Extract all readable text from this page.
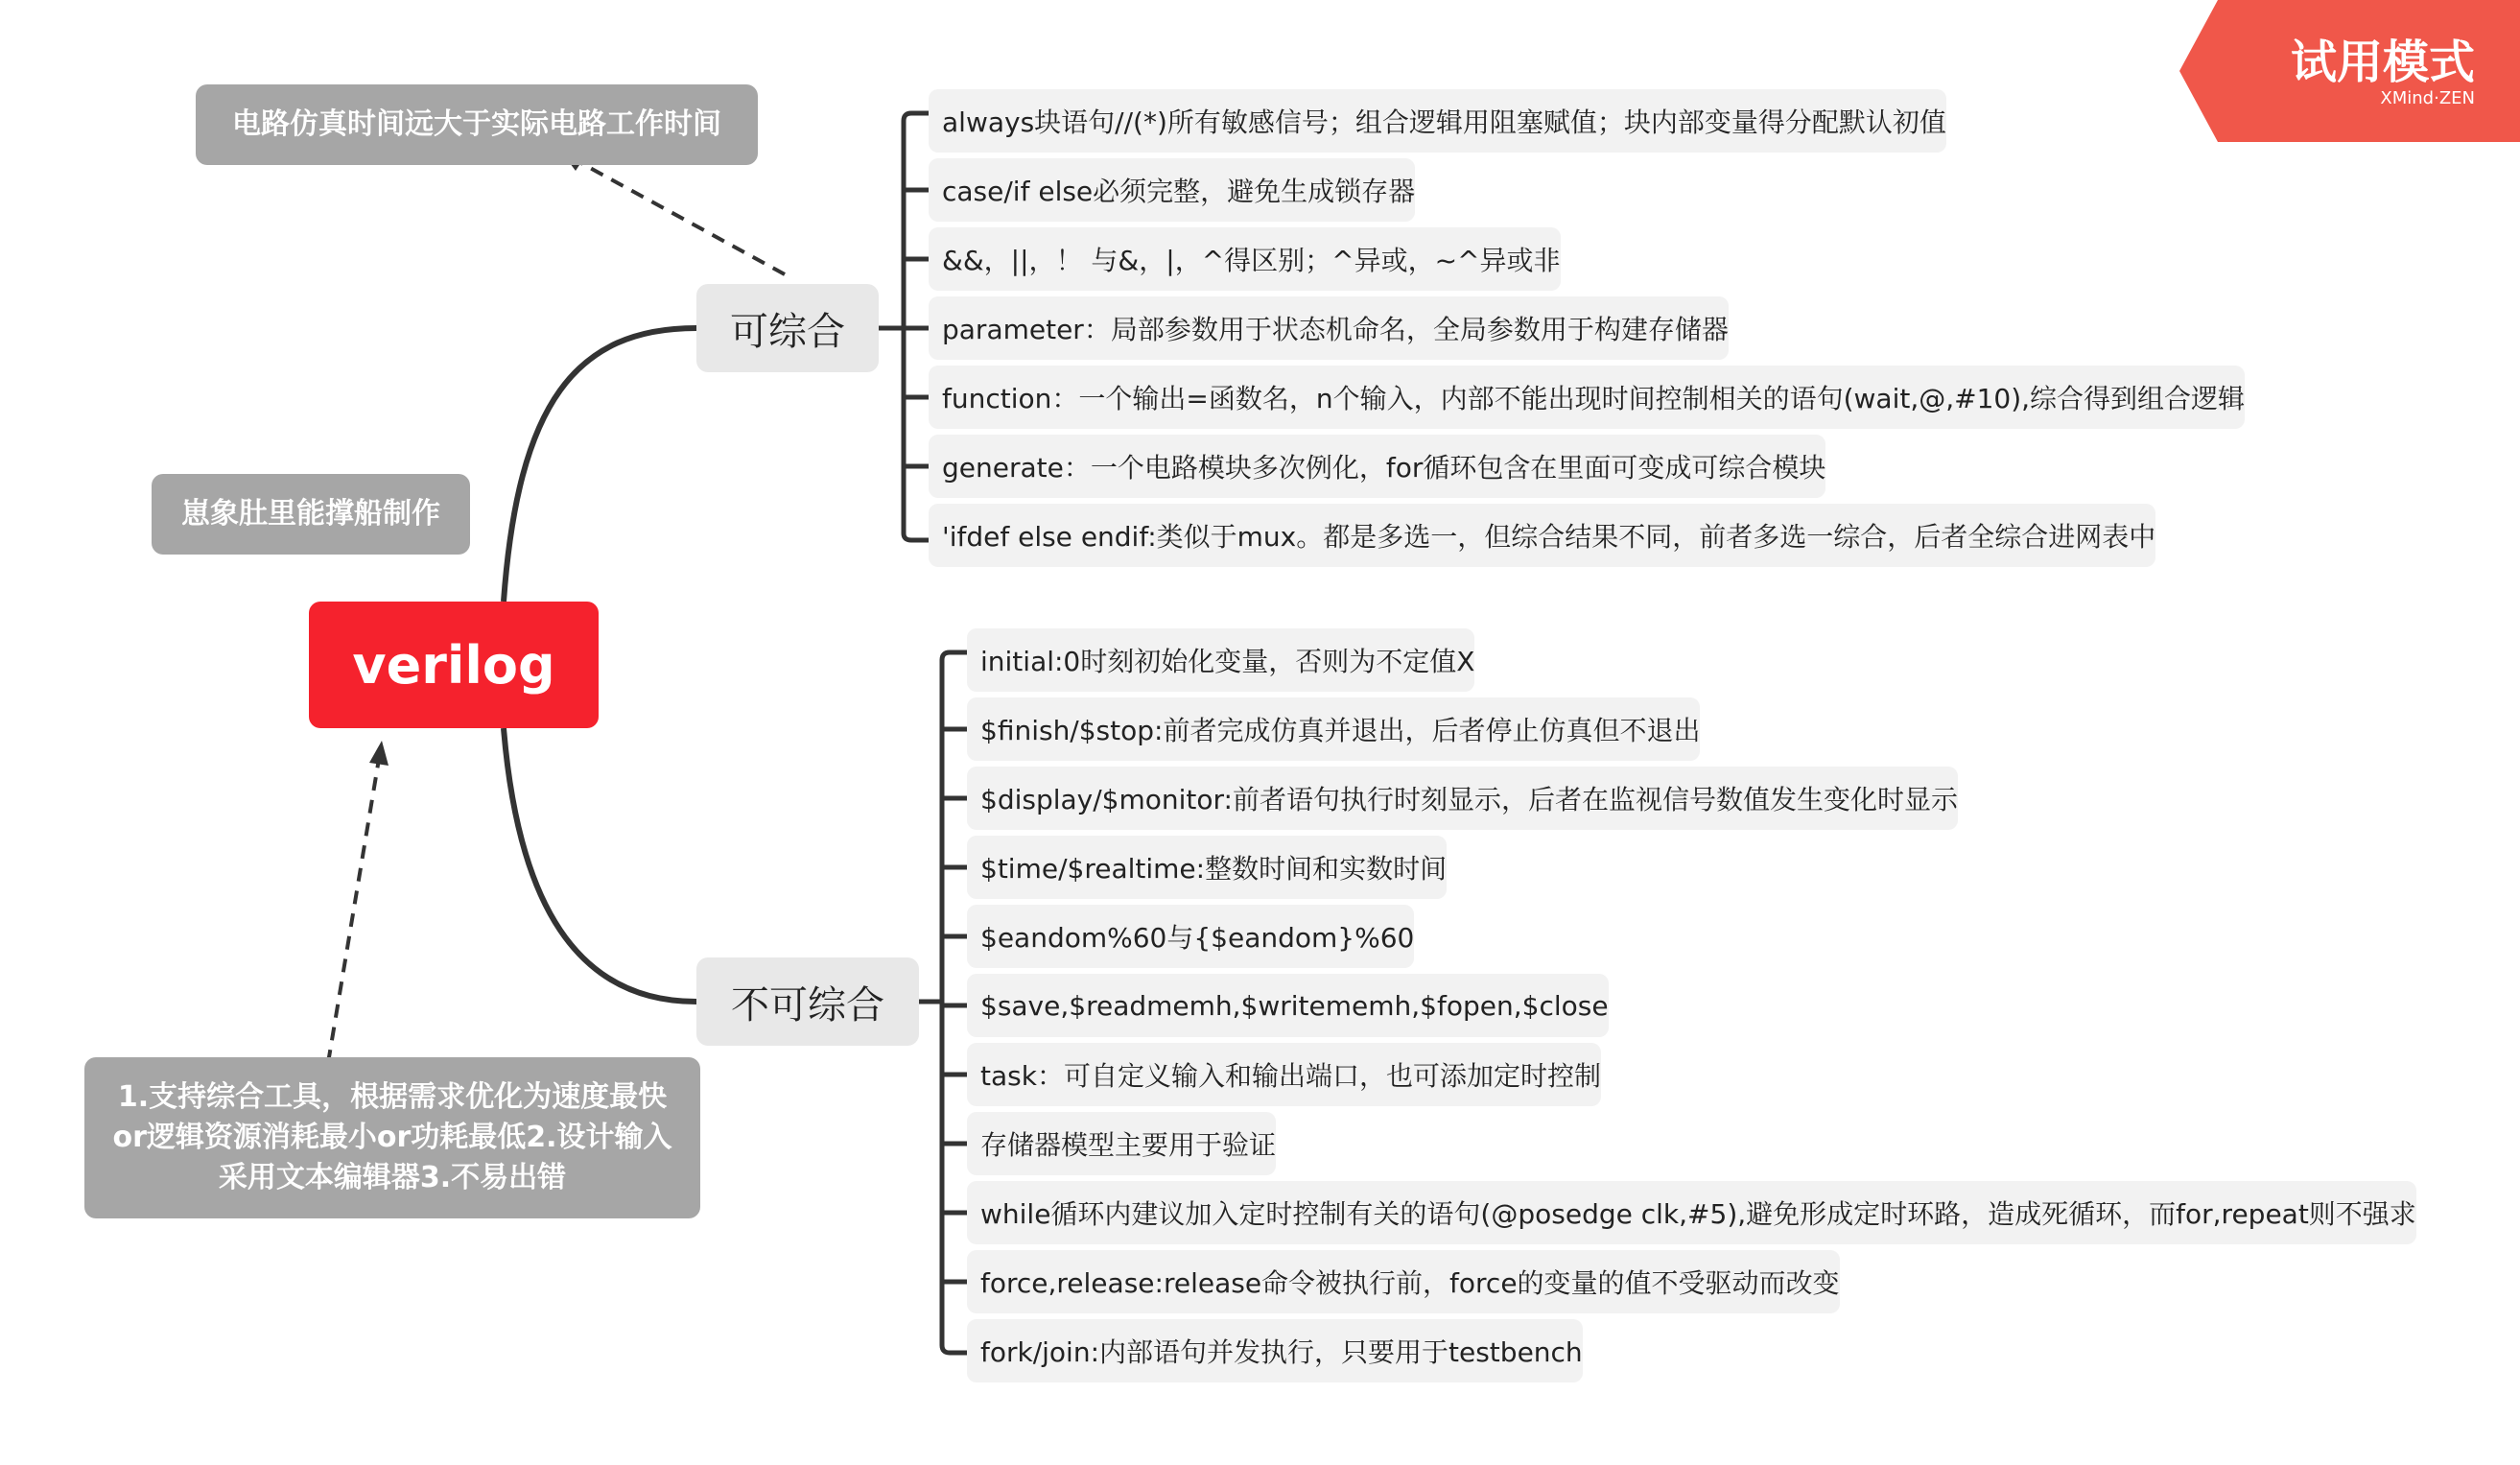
verilog
可综合
不可综合
电路仿真时间远大于实际电路工作时间
崽象肚里能撑船制作
1.支持综合工具，根据需求优化为速度最快or逻辑资源消耗最小or功耗最低2.设计输入采用文本编辑器3.不易出错
always块语句//(*)所有敏感信号；组合逻辑用阻塞赋值；块内部变量得分配默认初值
case/if else必须完整，避免生成锁存器
&&，||，！ 与&，|，^得区别；^异或，~^异或非
parameter：局部参数用于状态机命名，全局参数用于构建存储器
function：一个输出=函数名，n个输入，内部不能出现时间控制相关的语句(wait,@,#10),综合得到组合逻辑
generate：一个电路模块多次例化，for循环包含在里面可变成可综合模块
'ifdef else endif:类似于mux。都是多选一，但综合结果不同，前者多选一综合，后者全综合进网表中
initial:0时刻初始化变量，否则为不定值X
$finish/$stop:前者完成仿真并退出，后者停止仿真但不退出
$display/$monitor:前者语句执行时刻显示，后者在监视信号数值发生变化时显示
$time/$realtime:整数时间和实数时间
$eandom%60与{$eandom}%60
$save,$readmemh,$writememh,$fopen,$close
task：可自定义输入和输出端口，也可添加定时控制
存储器模型主要用于验证
while循环内建议加入定时控制有关的语句(@posedge clk,#5),避免形成定时环路，造成死循环，而for,repeat则不强求
force,release:release命令被执行前，force的变量的值不受驱动而改变
fork/join:内部语句并发执行，只要用于testbench
试用模式
XMind·ZEN
